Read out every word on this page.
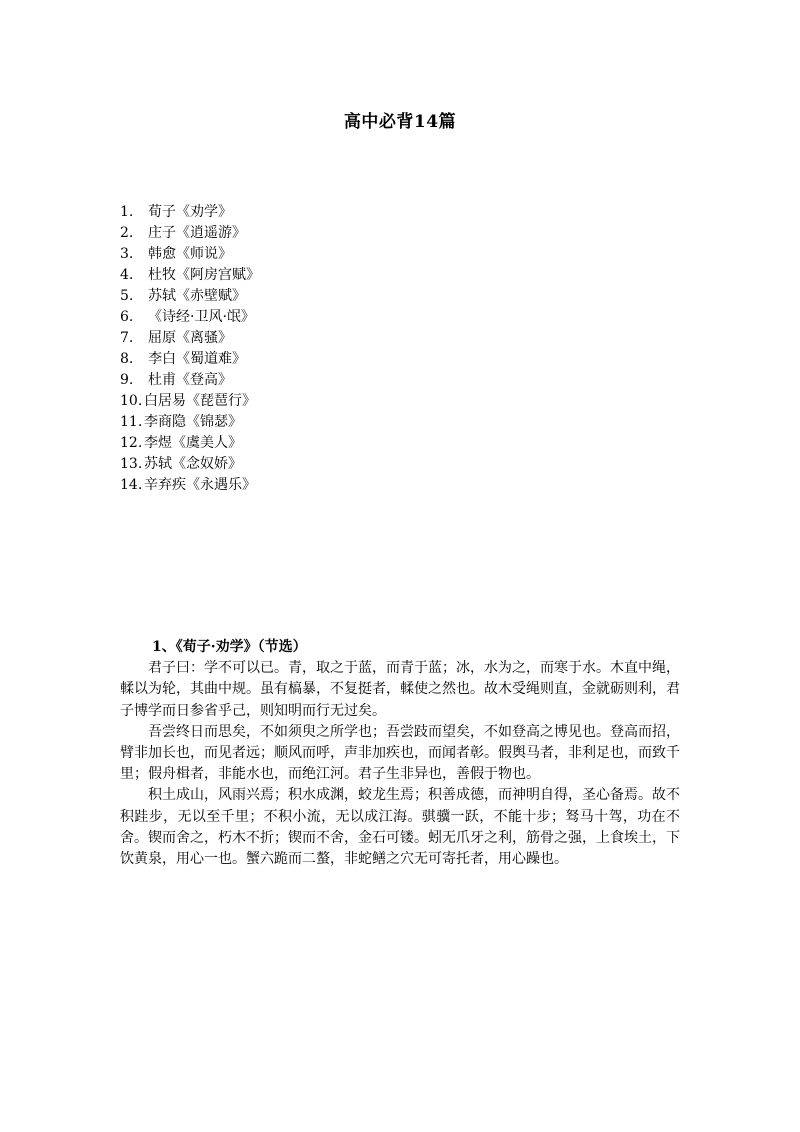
高中必背14篇
1.	荀子《劝学》
2.	庄子《逍遥游》
3.	韩愈《师说》
4.	杜牧《阿房宫赋》
5.	苏轼《赤壁赋》
6.	《诗经·卫风·氓》
7.	屈原《离骚》
8.	李白《蜀道难》
9.	杜甫《登高》
10. 白居易《琵琶行》
11. 李商隐《锦瑟》
12. 李煜《虞美人》
13. 苏轼《念奴娇》
14. 辛弃疾《永遇乐》

1、《荀子·劝学》（节选）

君子曰：学不可以已。青，取之于蓝，而青于蓝；冰，水为之，而寒于水。木直中绳，輮以为轮，其曲中规。虽有槁暴，不复挺者，輮使之然也。故木受绳则直，金就砺则利，君子博学而日参省乎己，则知明而行无过矣。

吾尝终日而思矣，不如须臾之所学也；吾尝跂而望矣，不如登高之博见也。登高而招，臂非加长也，而见者远；顺风而呼，声非加疾也，而闻者彰。假舆马者，非利足也，而致千里；假舟楫者，非能水也，而绝江河。君子生非异也，善假于物也。

积土成山，风雨兴焉；积水成渊，蛟龙生焉；积善成德，而神明自得，圣心备焉。故不积跬步，无以至千里；不积小流，无以成江海。骐骥一跃，不能十步；驽马十驾，功在不舍。锲而舍之，朽木不折；锲而不舍，金石可镂。蚓无爪牙之利，筋骨之强，上食埃土，下饮黄泉，用心一也。蟹六跪而二螯，非蛇鳝之穴无可寄托者，用心躁也。
